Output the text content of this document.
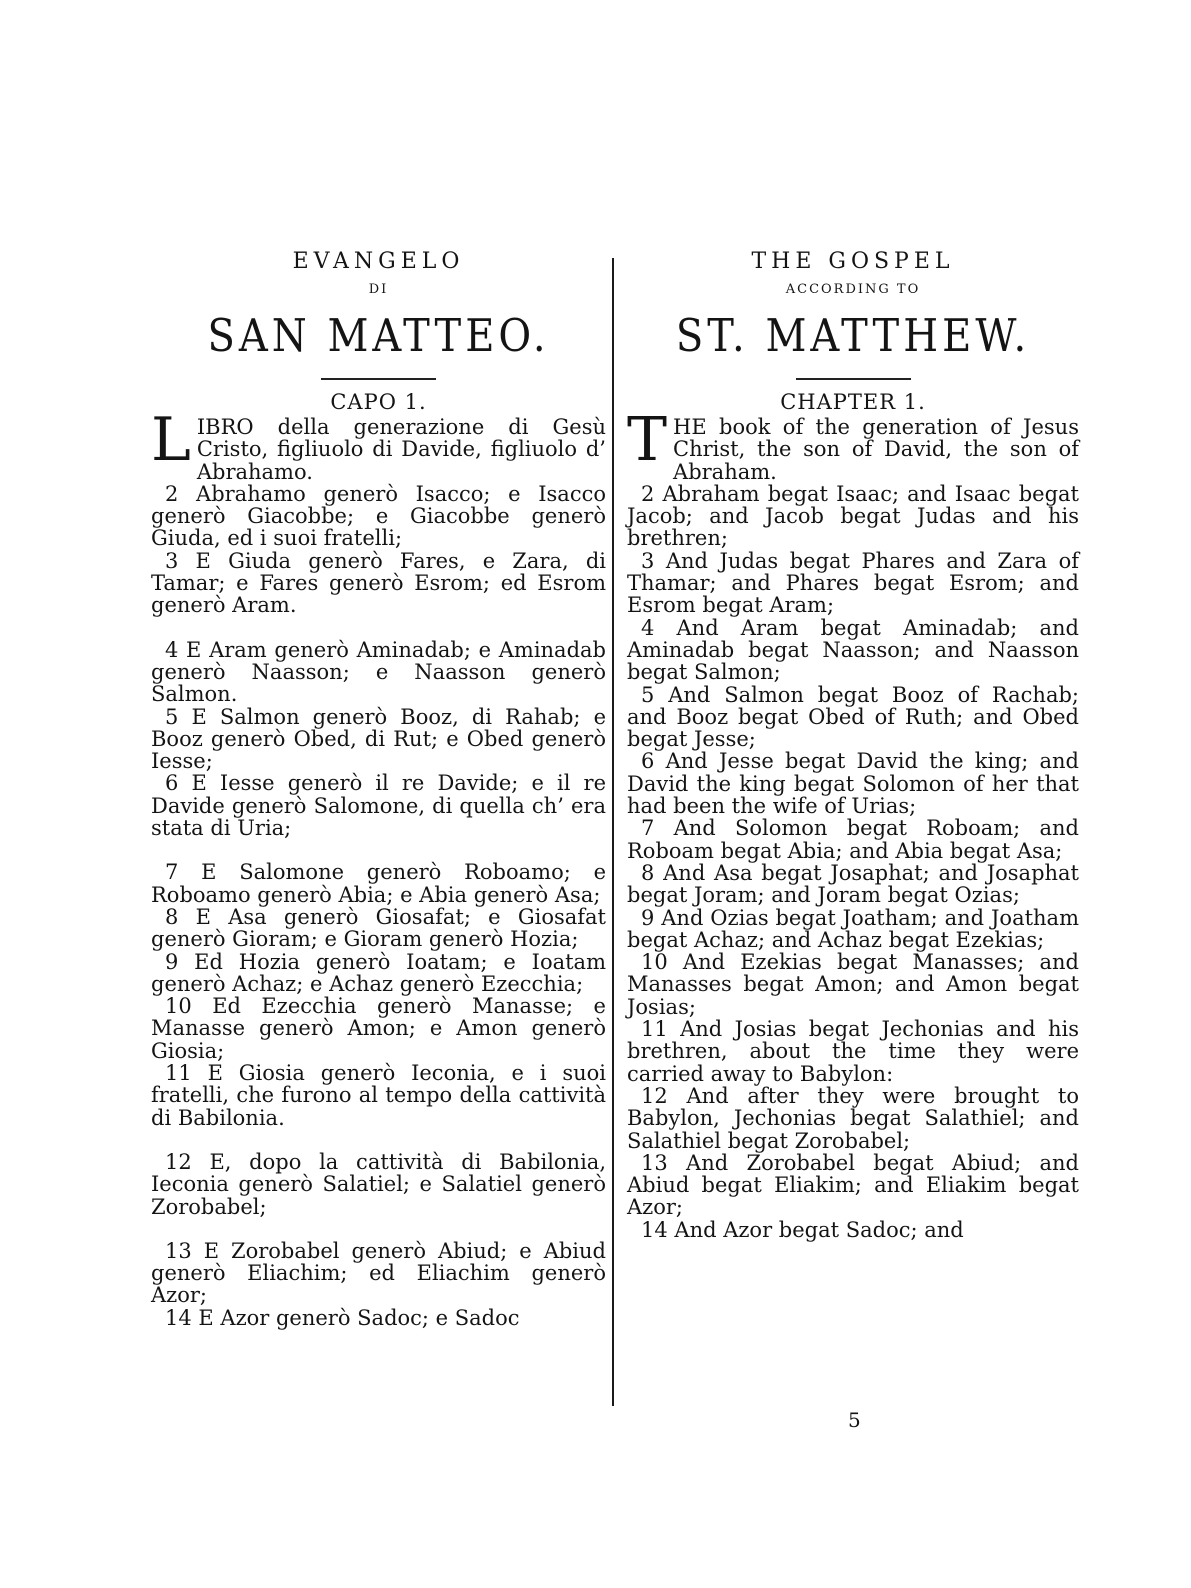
EVANGELO
DI
SAN MATTEO.
CAPO 1.
L IBRO della generazione di Gesù Cristo, figliuolo di Davide, figliuolo d’ Abrahamo.
2 Abrahamo generò Isacco; e Isacco generò Giacobbe; e Giacobbe generò Giuda, ed i suoi fratelli;
3 E Giuda generò Fares, e Zara, di Tamar; e Fares generò Esrom; ed Esrom generò Aram.
4 E Aram generò Aminadab; e Aminadab generò Naasson; e Naasson generò Salmon.
5 E Salmon generò Booz, di Rahab; e Booz generò Obed, di Rut; e Obed generò Iesse;
6 E Iesse generò il re Davide; e il re Davide generò Salomone, di quella ch’ era stata di Uria;
7 E Salomone generò Roboamo; e Roboamo generò Abia; e Abia generò Asa;
8 E Asa generò Giosafat; e Giosafat generò Gioram; e Gioram generò Hozia;
9 Ed Hozia generò Ioatam; e Ioatam generò Achaz; e Achaz generò Ezecchia;
10 Ed Ezecchia generò Manasse; e Manasse generò Amon; e Amon generò Giosia;
11 E Giosia generò Ieconia, e i suoi fratelli, che furono al tempo della cattività di Babilonia.
12 E, dopo la cattività di Babilonia, Ieconia generò Salatiel; e Salatiel generò Zorobabel;
13 E Zorobabel generò Abiud; e Abiud generò Eliachim; ed Eliachim generò Azor;
14 E Azor generò Sadoc; e Sadoc
THE GOSPEL
ACCORDING TO
ST. MATTHEW.
CHAPTER 1.
T HE book of the generation of Jesus Christ, the son of David, the son of Abraham.
2 Abraham begat Isaac; and Isaac begat Jacob; and Jacob begat Judas and his brethren;
3 And Judas begat Phares and Zara of Thamar; and Phares begat Esrom; and Esrom begat Aram;
4 And Aram begat Aminadab; and Aminadab begat Naasson; and Naasson begat Salmon;
5 And Salmon begat Booz of Rachab; and Booz begat Obed of Ruth; and Obed begat Jesse;
6 And Jesse begat David the king; and David the king begat Solomon of her that had been the wife of Urias;
7 And Solomon begat Roboam; and Roboam begat Abia; and Abia begat Asa;
8 And Asa begat Josaphat; and Josaphat begat Joram; and Joram begat Ozias;
9 And Ozias begat Joatham; and Joatham begat Achaz; and Achaz begat Ezekias;
10 And Ezekias begat Manasses; and Manasses begat Amon; and Amon begat Josias;
11 And Josias begat Jechonias and his brethren, about the time they were carried away to Babylon:
12 And after they were brought to Babylon, Jechonias begat Salathiel; and Salathiel begat Zorobabel;
13 And Zorobabel begat Abiud; and Abiud begat Eliakim; and Eliakim begat Azor;
14 And Azor begat Sadoc; and
5
